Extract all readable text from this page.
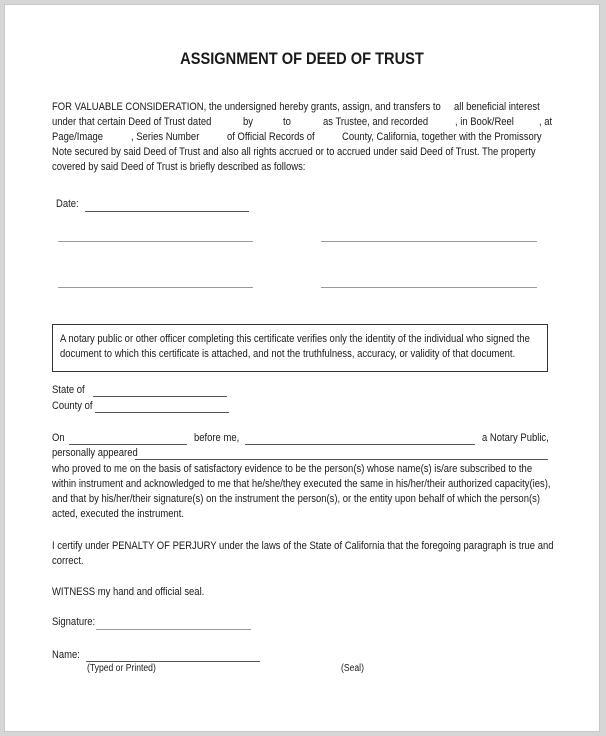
ASSIGNMENT OF DEED OF TRUST
FOR VALUABLE CONSIDERATION, the undersigned hereby grants, assign, and transfers to all beneficial interest
under that certain Deed of Trust dated	by	to	as Trustee, and recorded , in Book/Reel , at
Page/Image	, Series Number	of Official Records of County, California, together with the Promissory
Note secured by said Deed of Trust and also all rights accrued or to accrued under said Deed of Trust. The property
covered by said Deed of Trust is briefly described as follows:
Date:
A notary public or other officer completing this certificate verifies only the identity of the individual who signed the
document to which this certificate is attached, and not the truthfulness, accuracy, or validity of that document.
State of
County of
On	before me,	a Notary Public,
personally appeared
who proved to me on the basis of satisfactory evidence to be the person(s) whose name(s) is/are subscribed to the
within instrument and acknowledged to me that he/she/they executed the same in his/her/their authorized capacity(ies),
and that by his/her/their signature(s) on the instrument the person(s), or the entity upon behalf of which the person(s)
acted, executed the instrument.
I certify under PENALTY OF PERJURY under the laws of the State of California that the foregoing paragraph is true and
correct.
WITNESS my hand and official seal.
Signature:
Name:
(Typed or Printed)	(Seal)
